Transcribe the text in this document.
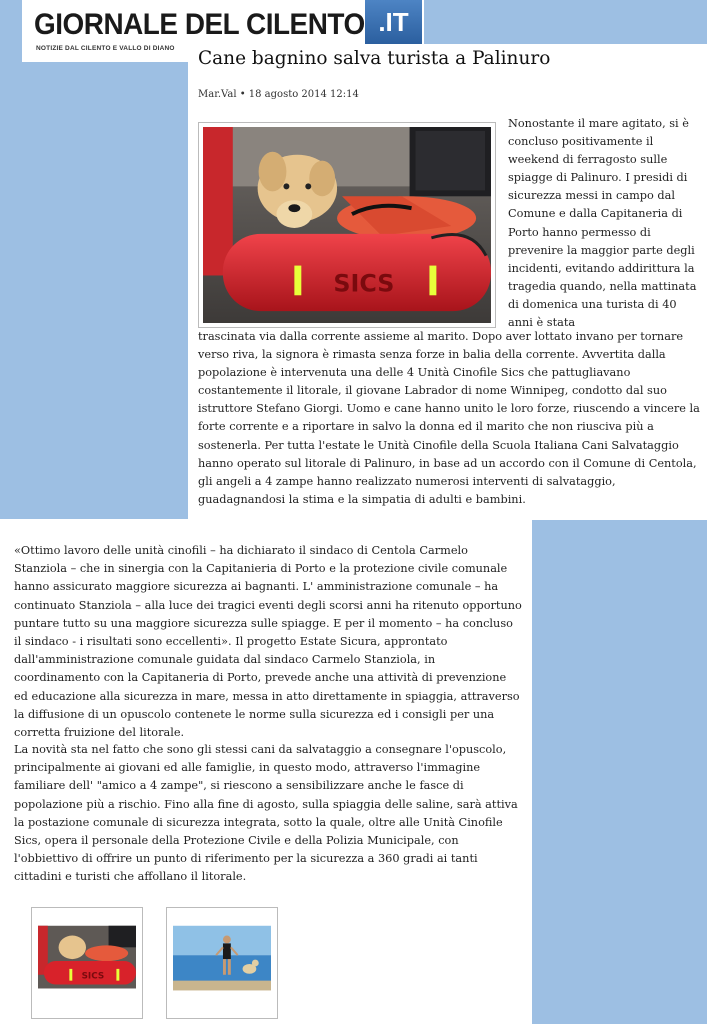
GIORNALE DEL CILENTO .IT
NOTIZIE DAL CILENTO E VALLO DI DIANO Cane bagnino salva turista a Palinuro
Mar.Val • 18 agosto 2014 12:14
SICS
Nonostante il mare agitato, si è concluso positivamente il weekend di ferragosto sulle spiagge di Palinuro. I presidi di sicurezza messi in campo dal Comune e dalla Capitaneria di Porto hanno permesso di prevenire la maggior parte degli incidenti, evitando addirittura la tragedia quando, nella mattinata di domenica una turista di 40 anni è stata
trascinata via dalla corrente assieme al marito. Dopo aver lottato invano per tornare verso riva, la signora è rimasta senza forze in balia della corrente. Avvertita dalla popolazione è intervenuta una delle 4 Unità Cinofile Sics che pattugliavano costantemente il litorale, il giovane Labrador di nome Winnipeg, condotto dal suo istruttore Stefano Giorgi. Uomo e cane hanno unito le loro forze, riuscendo a vincere la forte corrente e a riportare in salvo la donna ed il marito che non riusciva più a sostenerla. Per tutta l'estate le Unità Cinofile della Scuola Italiana Cani Salvataggio hanno operato sul litorale di Palinuro, in base ad un accordo con il Comune di Centola, gli angeli a 4 zampe hanno realizzato numerosi interventi di salvataggio, guadagnandosi la stima e la simpatia di adulti e bambini.

«Ottimo lavoro delle unità cinofili – ha dichiarato il sindaco di Centola Carmelo Stanziola – che in sinergia con la Capitanieria di Porto e la protezione civile comunale hanno assicurato maggiore sicurezza ai bagnanti. L' amministrazione comunale – ha continuato Stanziola – alla luce dei tragici eventi degli scorsi anni ha ritenuto opportuno puntare tutto su una maggiore sicurezza sulle spiagge. E per il momento – ha concluso il sindaco - i risultati sono eccellenti». Il progetto Estate Sicura, approntato dall'amministrazione comunale guidata dal sindaco Carmelo Stanziola, in coordinamento con la Capitaneria di Porto, prevede anche una attività di prevenzione ed educazione alla sicurezza in mare, messa in atto direttamente in spiaggia, attraverso la diffusione di un opuscolo contenete le norme sulla sicurezza ed i consigli per una corretta fruizione del litorale.

La novità sta nel fatto che sono gli stessi cani da salvataggio a consegnare l'opuscolo, principalmente ai giovani ed alle famiglie, in questo modo, attraverso l'immagine familiare dell' "amico a 4 zampe", si riescono a sensibilizzare anche le fasce di popolazione più a rischio. Fino alla fine di agosto, sulla spiaggia delle saline, sarà attiva la postazione comunale di sicurezza integrata, sotto la quale, oltre alle Unità Cinofile Sics, opera il personale della Protezione Civile e della Polizia Municipale, con l'obbiettivo di offrire un punto di riferimento per la sicurezza a 360 gradi ai tanti cittadini e turisti che affollano il litorale.

SICS
